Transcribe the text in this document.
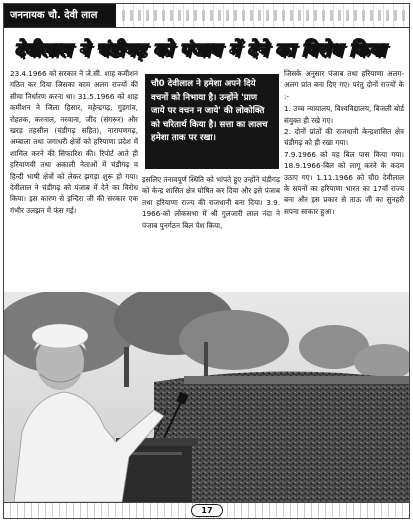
जननायक चौ. देवी लाल
देवीलाल ने चंडीगढ़ को पंजाब में देने का विरोध किया

23.4.1966 को सरकार ने जे.सी. शाह कमीशन गठित कर दिया जिसका काम अलग राज्यों की सीमा निर्धारण करना था। 31.5.1966 को शाह कमीशन ने जिला हिसार, महेन्द्रगढ़, गुड़गांव, रोहतक, करनाल, नरवाना, जींद (संगरूर) और खरड़ तहसील (चंडीगढ़ सहित), नारायणगढ़, अम्बाला तथा जगाधरी क्षेत्रों को हरियाणा प्रदेश में शामिल करने की सिफारिश की। रिपोर्ट आते ही हरियाणवी तथा अकाली नेताओं में चंडीगढ़ व हिन्दी भाषी क्षेत्रों को लेकर झगड़ा शुरू हो गया। देवीलाल ने चंडीगढ़ को पंजाब में देने का विरोध किया। इस कारण से इन्दिरा जी की सरकार एक गंभीर उलझन में फंस गई।

चौ0 देवीलाल ने हमेशा अपने दिये वचनों को निभाया है। उन्होंने 'प्राण जाये पर वचन न जाये' की लोकोक्ति को चरितार्थ किया है। सत्ता का लालच हमेशा ताक पर रखा।

इसलिए तनावपूर्ण स्थिति को भांपते हुए उन्होंने चंडीगढ़ को केन्द्र शासित क्षेत्र घोषित कर दिया और इसे पंजाब तथा हरियाणा राज्य की राजधानी बना दिया। 3.9. 1966-को लोकसभा में श्री गुलजारी लाल नंदा ने पंजाब पुनर्गठन बिल पेश किया,

जिसके अनुसार पंजाब तथा हरियाणा अलग-अलग प्रांत बना दिए गए। परंतु दोनों राज्यों के :-

1. उच्च न्यायालय, विश्वविद्यालय, बिजली बोर्ड संयुक्त ही रखे गए।
2. दोनों प्रांतों की राजधानी केन्द्रशासित क्षेत्र चंडीगढ़ को ही रखा गया।

7.9.1966 को यह बिल पास किया गया। 18.9.1966-बिल को लागू करने के कदम उठाए गए। 1.11.1966 को चौ0 देवीलाल के सपनों का हरियाणा भारत का 17वाँ राज्य बना और इस प्रकार से ताऊ जी का सुनहरी सपना साकार हुआ।

17
